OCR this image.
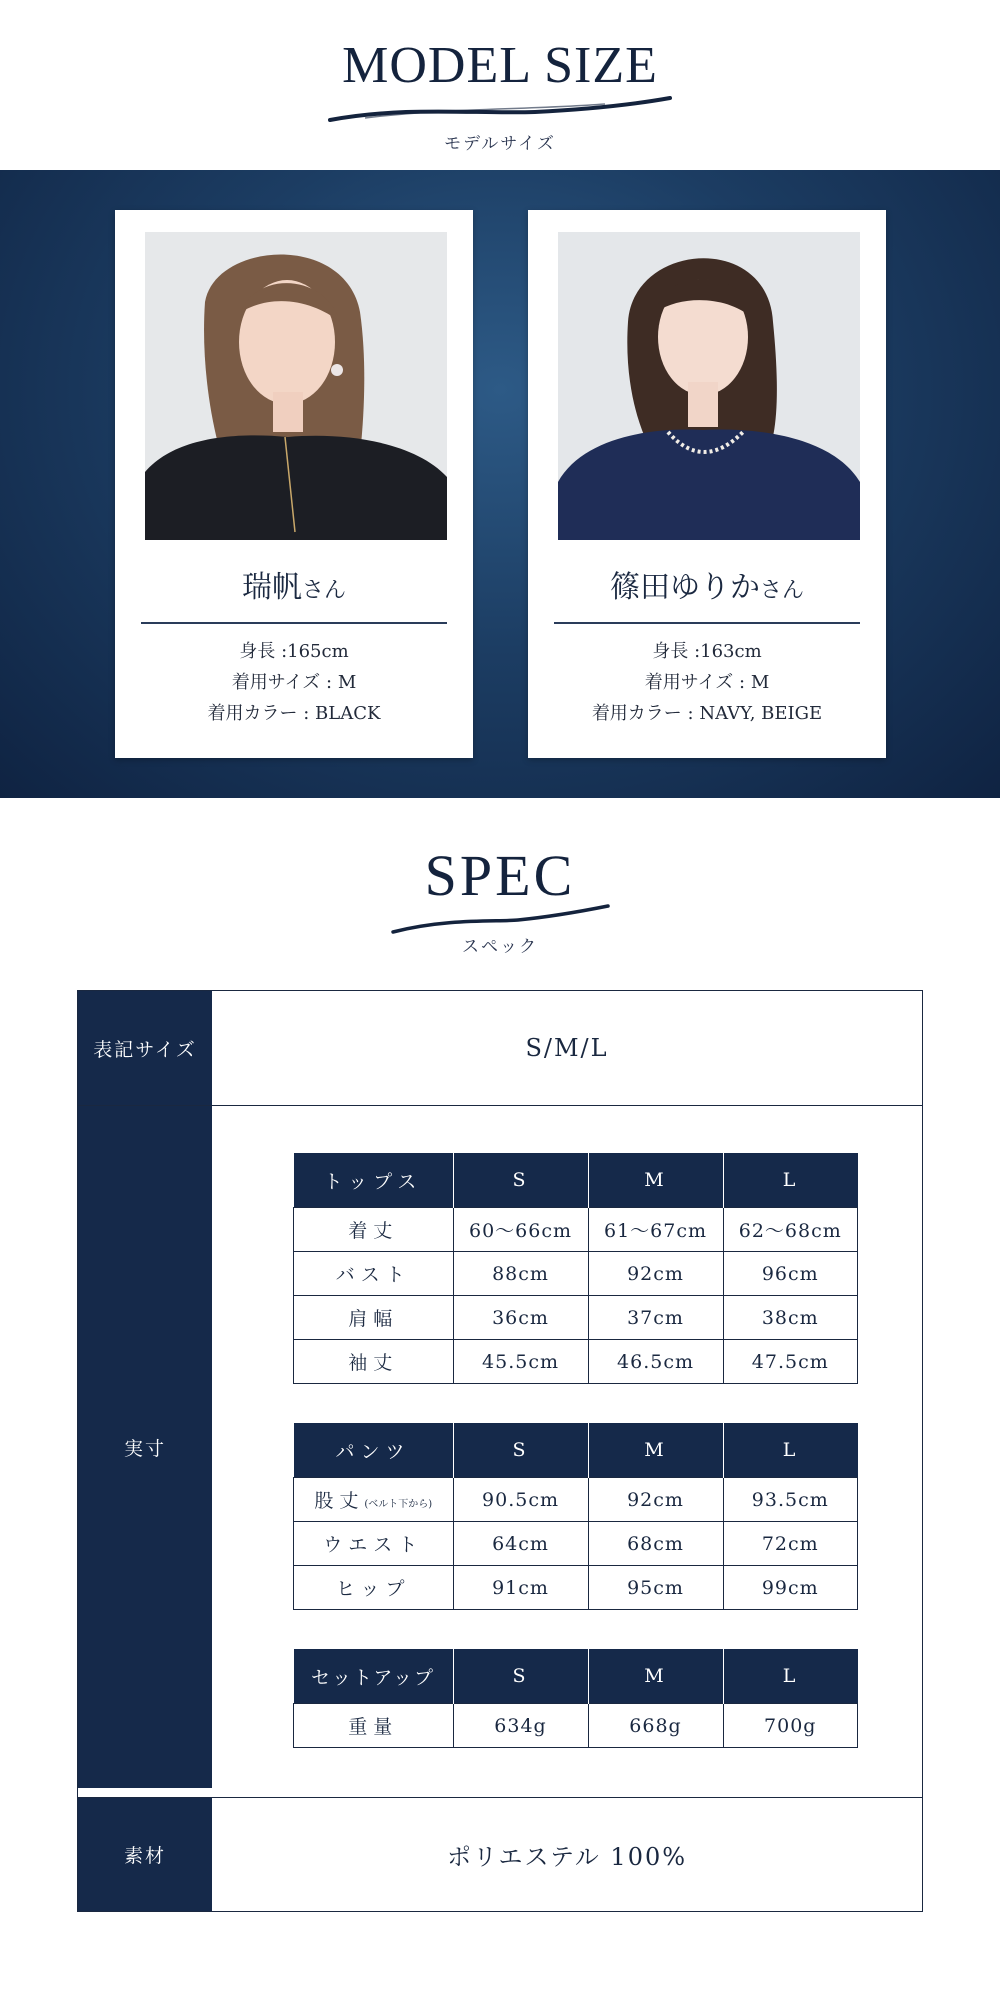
MODEL SIZE
モデルサイズ
瑞帆さん
身長 :165cm
着用サイズ : M
着用カラー : BLACK
篠田ゆりかさん
身長 :163cm
着用サイズ : M
着用カラー : NAVY, BEIGE
SPEC
スペック
表記サイズ	S/M/L
実寸
トップス	S	M	L
着丈	60〜66cm	61〜67cm	62〜68cm
バスト	88cm	92cm	96cm
肩幅	36cm	37cm	38cm
袖丈	45.5cm	46.5cm	47.5cm
パンツ	S	M	L
股丈(ベルト下から)	90.5cm	92cm	93.5cm
ウエスト	64cm	68cm	72cm
ヒップ	91cm	95cm	99cm
セットアップ	S	M	L
重量	634g	668g	700g
素材	ポリエステル 100%
